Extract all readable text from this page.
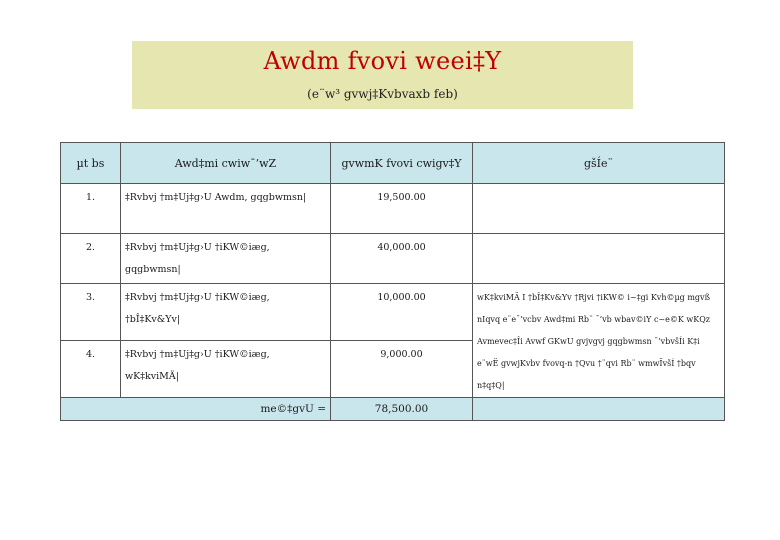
Awdm fvovi weei‡Y
(e¨w³ gvwj‡Kvbvaxb feb)
µt bs	Awd‡mi cwiw¯’wZ	gvwmK fvovi cwigv‡Y	gšÍe¨
1.	‡Rvbvj †m‡Uj‡g›U Awdm, gqgbwmsn|	19,500.00	
2.	‡Rvbvj †m‡Uj‡g›U †iKW©iæg, gqgbwmsn|	40,000.00	
3.	‡Rvbvj †m‡Uj‡g›U †iKW©iæg, †bÎ‡Kv&Yv|	10,000.00	wK‡kviMÄ I †bÎ‡Kv&Yv †Rjvi †iKW© i~‡gi Kvh©µg mgvß nIqvq e¨e¯’vcbv Awd‡mi Rb¨ ¯’vb wbav©iY c~e©K wKQz Avmevec‡Îi Avwf GKwU gvjvgvj gqgbwmsn ¯’vbvšÍi K‡i e¨wË gvwjKvbv fvovq-n †Qvu †¨qvi Rb¨ wmwÏvšÍ †bqv n‡q‡Q|
4.	‡Rvbvj †m‡Uj‡g›U †iKW©iæg, wK‡kviMÄ|	9,000.00	
me©‡gvU =		78,500.00	
